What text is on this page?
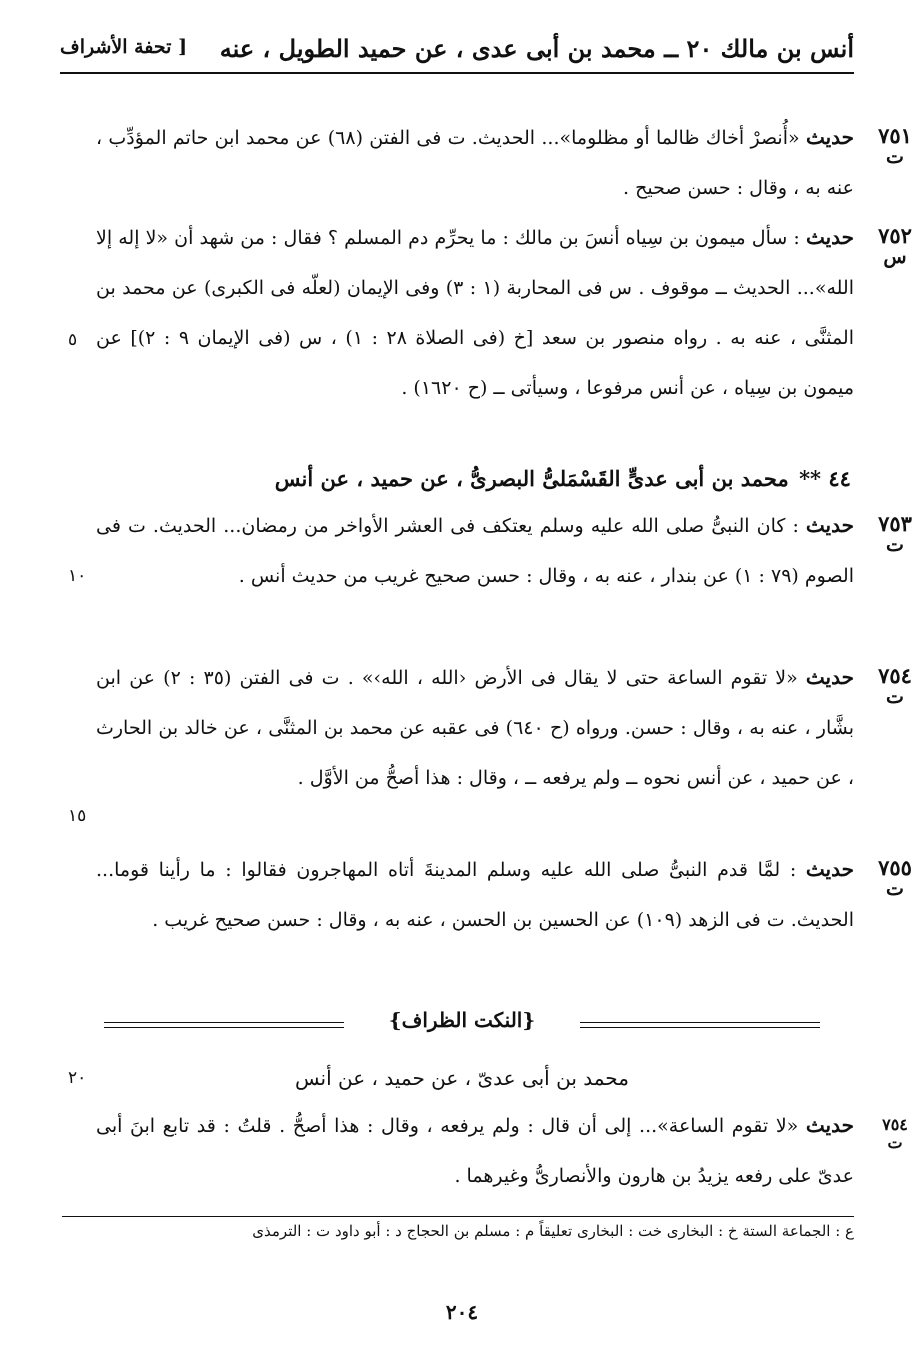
أنس بن مالك ٢٠ ــ محمد بن أبى عدى ، عن حميد الطويل ، عنه
[ تحفة الأشراف
٧٥١
ت
حديث «أُنصرْ أخاك ظالما أو مظلوما»... الحديث. ت فى الفتن (٦٨) عن محمد ابن حاتم المؤدِّب ، عنه به ، وقال : حسن صحيح .
٧٥٢
س
حديث : سأل ميمون بن سِياه أنسَ بن مالك : ما يحرِّم دم المسلم ؟ فقال : من شهد أن «لا إله إلا الله»... الحديث ــ موقوف . س فى المحاربة (١ : ٣) وفى الإيمان (لعلّه فى الكبرى) عن محمد بن المثنَّى ، عنه به . رواه منصور بن سعد [خ (فى الصلاة ٢٨ : ١) ، س (فى الإيمان ٩ : ٢)] عن ميمون بن سِياه ، عن أنس مرفوعا ، وسيأتى ــ (ح ١٦٢٠) .
٥
٤٤ ** محمد بن أبى عدىٍّ القَسْمَلىُّ البصرىُّ ، عن حميد ، عن أنس
٧٥٣
ت
حديث : كان النبىُّ صلى الله عليه وسلم يعتكف فى العشر الأواخر من رمضان... الحديث. ت فى الصوم (٧٩ : ١) عن بندار ، عنه به ، وقال : حسن صحيح غريب من حديث أنس .
١٠
٧٥٤
ت
حديث «لا تقوم الساعة حتى لا يقال فى الأرض ‹الله ، الله›» . ت فى الفتن (٣٥ : ٢) عن ابن بشَّار ، عنه به ، وقال : حسن. ورواه (ح ٦٤٠) فى عقبه عن محمد بن المثنَّى ، عن خالد بن الحارث ، عن حميد ، عن أنس نحوه ــ ولم يرفعه ــ ، وقال : هذا أصحُّ من الأوَّل .
١٥
٧٥٥
ت
حديث : لمَّا قدم النبىُّ صلى الله عليه وسلم المدينةَ أتاه المهاجرون فقالوا : ما رأينا قوما... الحديث. ت فى الزهد (١٠٩) عن الحسين بن الحسن ، عنه به ، وقال : حسن صحيح غريب .
{النكت الظراف}
محمد بن أبى عدىّ ، عن حميد ، عن أنس
٢٠
٧٥٤
ت
حديث «لا تقوم الساعة»... إلى أن قال : ولم يرفعه ، وقال : هذا أصحُّ . قلتُ : قد تابع ابنَ أبى عدىّ على رفعه يزيدُ بن هارون والأنصارىُّ وغيرهما .
ع : الجماعة الستة خ : البخارى خت : البخارى تعليقاً م : مسلم بن الحجاج د : أبو داود ت : الترمذى
٢٠٤
